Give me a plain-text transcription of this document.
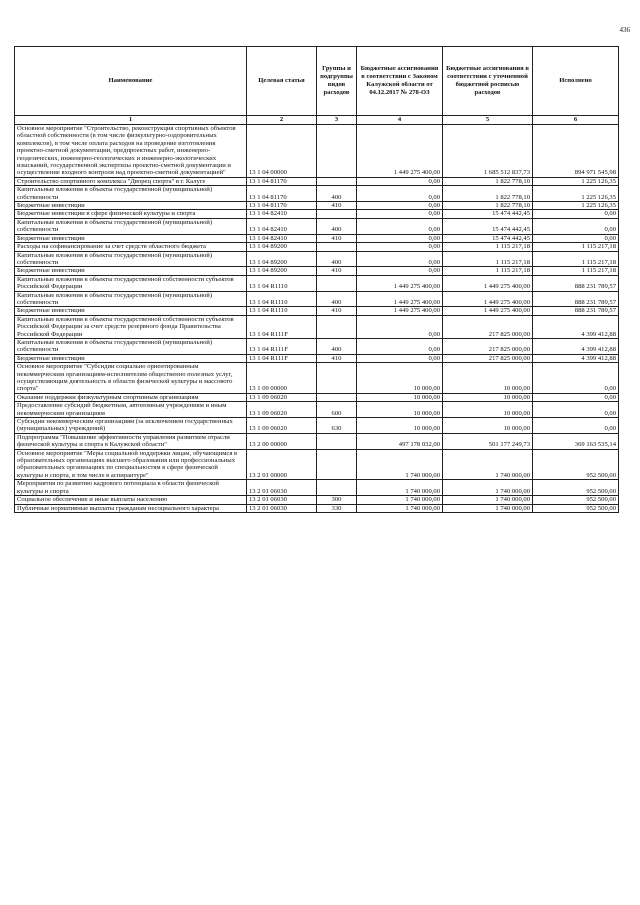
436
Наименование	Целевая статья	Группы и подгруппы видов расходов	Бюджетные ассигнования в соответствии с Законом Калужской области от 04.12.2017 № 278-ОЗ	Бюджетные ассигнования в соответствии с уточненной бюджетной росписью расходов	Исполнено
1	2	3	4	5	6
Основное мероприятие "Строительство, реконструкция спортивных объектов областной собственности (в том числе физкультурно-оздоровительных комплексов), в том числе оплата расходов на проведение изготовления проектно-сметной документации, предпроектных работ, инженерно-геодезических, инженерно-геологических и инженерно-экологических изысканий, государственной экспертизы проектно-сметной документации и осуществление входного контроля над проектно-сметной документацией"	13 1 04 00000		1 449 275 400,00	1 685 512 837,73	894 971 545,98
Строительство спортивного комплекса "Дворец спорта" в г. Калуге	13 1 04 81170		0,00	1 822 778,10	1 225 126,35
Капитальные вложения в объекты государственной (муниципальной) собственности	13 1 04 81170	400	0,00	1 822 778,10	1 225 126,35
Бюджетные инвестиции	13 1 04 81170	410	0,00	1 822 778,10	1 225 126,35
Бюджетные инвестиции в сфере физической культуры и спорта	13 1 04 82410		0,00	15 474 442,45	0,00
Капитальные вложения в объекты государственной (муниципальной) собственности	13 1 04 82410	400	0,00	15 474 442,45	0,00
Бюджетные инвестиции	13 1 04 82410	410	0,00	15 474 442,45	0,00
Расходы на софинансирование за счет средств областного бюджета	13 1 04 89200		0,00	1 115 217,18	1 115 217,18
Капитальные вложения в объекты государственной (муниципальной) собственности	13 1 04 89200	400	0,00	1 115 217,18	1 115 217,18
Бюджетные инвестиции	13 1 04 89200	410	0,00	1 115 217,18	1 115 217,18
Капитальные вложения в объекты государственной собственности субъектов Российской Федерации	13 1 04 R1110		1 449 275 400,00	1 449 275 400,00	888 231 789,57
Капитальные вложения в объекты государственной (муниципальной) собственности	13 1 04 R1110	400	1 449 275 400,00	1 449 275 400,00	888 231 789,57
Бюджетные инвестиции	13 1 04 R1110	410	1 449 275 400,00	1 449 275 400,00	888 231 789,57
Капитальные вложения в объекты государственной собственности субъектов Российской Федерации за счет средств резервного фонда Правительства Российской Федерации	13 1 04 R111F		0,00	217 825 000,00	4 399 412,88
Капитальные вложения в объекты государственной (муниципальной) собственности	13 1 04 R111F	400	0,00	217 825 000,00	4 399 412,88
Бюджетные инвестиции	13 1 04 R111F	410	0,00	217 825 000,00	4 399 412,88
Основное мероприятие "Субсидии социально ориентированным некоммерческим организациям-исполнителям общественно полезных услуг, осуществляющим деятельность в области физической культуры и массового спорта"	13 1 09 00000		10 000,00	10 000,00	0,00
Оказание поддержки физкультурным спортивным организациям	13 1 09 06020		10 000,00	10 000,00	0,00
Предоставление субсидий бюджетным, автономным учреждениям и иным некоммерческим организациям	13 1 09 06020	600	10 000,00	10 000,00	0,00
Субсидии некоммерческим организациям (за исключением государственных (муниципальных) учреждений)	13 1 09 06020	630	10 000,00	10 000,00	0,00
Подпрограмма "Повышение эффективности управления развитием отрасли физической культуры и спорта в Калужской области"	13 2 00 00000		497 178 032,00	501 177 249,73	369 163 535,14
Основное мероприятие "Меры социальной поддержки лицам, обучающимся в образовательных организациях высшего образования или профессиональных образовательных организациях по специальностям в сфере физической культуры и спорта, в том числе в аспирантуре"	13 2 01 00000		1 740 000,00	1 740 000,00	952 500,00
Мероприятия по развитию кадрового потенциала в области физической культуры и спорта	13 2 01 06030		1 740 000,00	1 740 000,00	952 500,00
Социальное обеспечение и иные выплаты населению	13 2 01 06030	300	1 740 000,00	1 740 000,00	952 500,00
Публичные нормативные выплаты гражданам несоциального характера	13 2 01 06030	330	1 740 000,00	1 740 000,00	952 500,00
